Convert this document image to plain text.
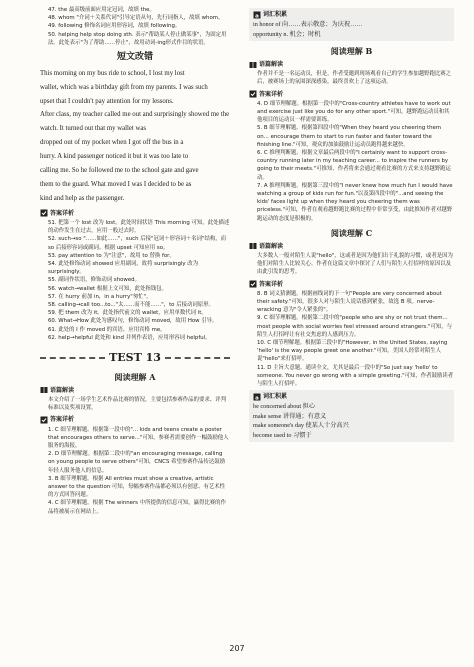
47. the 最高级前面应用定冠词，故填 the。

48. whom "介词＋关系代词"引导定语从句，先行词指人，故填 whom。

49. following 修饰名词应用形容词，故填 following。

50. helping help stop doing sth. 表示"帮助某人停止做某事"，为固定用法。此处表示"为了帮助……停止"，故用动词-ing形式作目的状语。

短文改错

This morning on my bus ride to school, I lost my lost

wallet, which was a birthday gift from my parents. I was such

upset that I couldn't pay attention for my lessons.

After class, my teacher called me out and surprisingly showed me the watch. It turned out that my wallet was

dropped out of my pocket when I got off the bus in a

hurry. A kind passenger noticed it but it was too late to

calling me. So he followed me to the school gate and gave

them to the guard. What moved I was I decided to be as

kind and help as the passenger.

答案详析

51. 把第一个 lost 改为 lost。此处时间状语 This morning 可知，此处描述的动作发生在过去，应用一般过去时。

52. such→so "……如此……"，such 后接"冠词＋形容词＋名词"结构，而 so 后接形容词或副词。根据 upset 可知应用 so。

53. pay attention to 为"注意"，故用 to 替换 for。

54. 此处修饰动词 showed 应用副词，故将 surprisingly 改为 surprisingly。

55. 副词作状语，修饰动词 showed。

56. watch→wallet 根据上文可知，此处指钱包。

57. 在 hurry 前加 in，in a hurry"匆忙"。

58. calling→call too...to..."太……而不能……"，to 后接动词原形。

59. 把 them 改为 it。此处指代前文的 wallet，应用单数代词 it。

60. What→How 此处为感叹句，修饰动词 moved，故用 How 引导。

61. 此处的 I 作 moved 的宾语，应用宾格 me。

62. help→helpful 此处和 kind 并列作表语，应用形容词 helpful。

TEST 13
阅读理解 A
语篇解读

本文介绍了一场学生艺术作品比赛的情况，主要包括参赛作品的要求、评判标准以及奖项设置。

答案详析

1. C 细节理解题。根据第一段中的"... kids and teens create a poster that encourages others to serve..."可知，参赛者需要创作一幅鼓励他人服务的海报。

2. D 细节理解题。根据第二段中的"an encouraging message, calling on young people to serve others"可知，CNCS 希望参赛作品传达鼓励年轻人服务他人的信息。

3. B 细节理解题。根据 All entries must show a creative, artistic answer to the question 可知，每幅参赛作品都必须以有创意、有艺术性的方式回答问题。

4. C 细节理解题。根据 The winners 中所提供的信息可知，赢得比赛的作品将被展示在网站上。

a 词汇积累

in honor of 向……表示敬意；为庆祝……

opportunity n. 机会；时机

阅读理解 B
语篇解读

作者并不是一名运动员，但是，作者受邀到现场观看自己的学生参加越野跑比赛之后，被赛场上的氛围深深感染，最终喜欢上了这项运动。

答案详析

4. D 细节理解题。根据第一段中的"Cross-country athletes have to work out and exercise just like you do for any other sport."可知，越野跑运动员和其他项目的运动员一样需要训练。

5. B 细节理解题。根据第四段中的"When they heard you cheering them on... encourage them to start to run faster and faster toward the finishing line."可知，观众的加油鼓励让运动员跑得越来越快。

6. C 推理判断题。根据文章最后两段中的"I certainly want to support cross-country running later in my teaching career... to inspire the runners by going to their meets."可推知，作者将来会通过观看比赛的方式来支持越野跑运动。

7. A 推理判断题。根据第三段中的"I never knew how much fun I would have watching a group of kids run for fun."以及第四段中的"...and seeing the kids' faces light up when they heard you cheering them was priceless."可知，作者在观看越野跑比赛的过程中非常享受，由此推知作者对越野跑运动的态度是积极的。

阅读理解 C
语篇解读

大多数人一般对陌生人说"hello"，这或者是因为他们出于礼貌的习惯，或者是因为他们对陌生人比较关心。作者在这篇文章中探讨了人们与陌生人打招呼的原因以及由此引发的思考。

答案详析

8. B 词义猜测题。根据画线词的下一句"People are very concerned about their safety."可知，很多人对与陌生人说话感到紧张，故选 B 项。nerve-wracking 意为"令人紧张的"。

9. C 细节理解题。根据第二段中的"people who are shy or not trust them... most people with social worries feel stressed around strangers."可知，与陌生人打招呼让有社交焦虑的人感到压力。

10. C 细节理解题。根据第三段中的"However, in the United States, saying 'hello' is the way people greet one another."可知，美国人经常对陌生人说"hello"来打招呼。

11. D 主旨大意题。通读全文，尤其是最后一段中的"So just say 'hello' to someone. You never go wrong with a simple greeting."可知，作者鼓励读者与陌生人打招呼。

a 词汇积累

be concerned about 担心

make sense 讲得通；有意义

make someone's day 使某人十分高兴

become used to 习惯于

207
